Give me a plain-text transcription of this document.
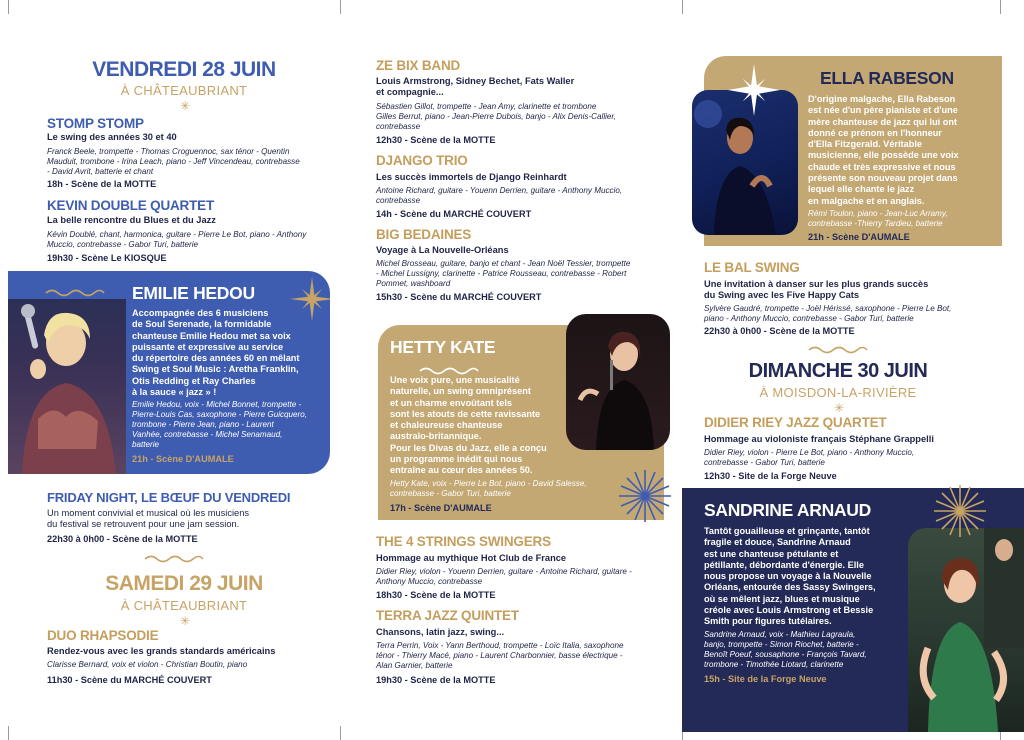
VENDREDI 28 JUIN
À CHÂTEAUBRIANT
✳
STOMP STOMP
Le swing des années 30 et 40
Franck Beele, trompette - Thomas Croguennoc, sax ténor - Quentin
Mauduit, trombone - Irina Leach, piano - Jeff Vincendeau, contrebasse
- David Avrit, batterie et chant
18h - Scène de la MOTTE
KEVIN DOUBLE QUARTET
La belle rencontre du Blues et du Jazz
Kévin Doublé, chant, harmonica, guitare - Pierre Le Bot, piano - Anthony
Muccio, contrebasse - Gabor Turi, batterie
19h30 - Scène Le KIOSQUE
EMILIE HEDOU
Accompagnée des 6 musiciens
de Soul Serenade, la formidable
chanteuse Emilie Hedou met sa voix
puissante et expressive au service
du répertoire des années 60 en mêlant
Swing et Soul Music : Aretha Franklin,
Otis Redding et Ray Charles
à la sauce « jazz » !
Emilie Hedou, voix - Michel Bonnet, trompette -
Pierre-Louis Cas, saxophone - Pierre Guicquero,
trombone - Pierre Jean, piano - Laurent
Vanhée, contrebasse - Michel Senamaud,
batterie
21h - Scène D'AUMALE
FRIDAY NIGHT, LE BŒUF DU VENDREDI
Un moment convivial et musical où les musiciens
du festival se retrouvent pour une jam session.
22h30 à 0h00 - Scène de la MOTTE
SAMEDI 29 JUIN
À CHÂTEAUBRIANT
✳
DUO RHAPSODIE
Rendez-vous avec les grands standards américains
Clarisse Bernard, voix et violon - Christian Boutin, piano
11h30 - Scène du MARCHÉ COUVERT
ZE BIX BAND
Louis Armstrong, Sidney Bechet, Fats Waller
et compagnie...
Sébastien Gillot, trompette - Jean Amy, clarinette et trombone
Gilles Berrut, piano - Jean-Pierre Dubois, banjo - Alix Denis-Callier,
contrebasse
12h30 - Scène de la MOTTE
DJANGO TRIO
Les succès immortels de Django Reinhardt
Antoine Richard, guitare - Youenn Derrien, guitare - Anthony Muccio,
contrebasse
14h - Scène du MARCHÉ COUVERT
BIG BEDAINES
Voyage à La Nouvelle-Orléans
Michel Brosseau, guitare, banjo et chant - Jean Noël Tessier, trompette
- Michel Lussigny, clarinette - Patrice Rousseau, contrebasse - Robert
Pommet, washboard
15h30 - Scène du MARCHÉ COUVERT
HETTY KATE
Une voix pure, une musicalité
naturelle, un swing omniprésent
et un charme envoûtant tels
sont les atouts de cette ravissante
et chaleureuse chanteuse
australo-britannique.
Pour les Divas du Jazz, elle a conçu
un programme inédit qui nous
entraîne au cœur des années 50.
Hetty Kate, voix - Pierre Le Bot, piano - David Salesse,
contrebasse - Gabor Turi, batterie
17h - Scène D'AUMALE
THE 4 STRINGS SWINGERS
Hommage au mythique Hot Club de France
Didier Riey, violon - Youenn Derrien, guitare - Antoine Richard, guitare -
Anthony Muccio, contrebasse
18h30 - Scène de la MOTTE
TERRA JAZZ QUINTET
Chansons, latin jazz, swing...
Terra Perrin, Voix - Yann Berthoud, trompette - Loïc Italia, saxophone
ténor - Thierry Macé, piano - Laurent Charbonnier, basse électrique -
Alan Garnier, batterie
19h30 - Scène de la MOTTE
ELLA RABESON
D'origine malgache, Ella Rabeson
est née d'un père pianiste et d'une
mère chanteuse de jazz qui lui ont
donné ce prénom en l'honneur
d'Ella Fitzgerald. Véritable
musicienne, elle possède une voix
chaude et très expressive et nous
présente son nouveau projet dans
lequel elle chante le jazz
en malgache et en anglais.
Rémi Toulon, piano - Jean-Luc Arramy,
contrebasse -Thierry Tardieu, batterie
21h - Scène D'AUMALE
LE BAL SWING
Une invitation à danser sur les plus grands succès
du Swing avec les Five Happy Cats
Sylvère Gaudré, trompette - Joël Hérissé, saxophone - Pierre Le Bot,
piano - Anthony Muccio, contrebasse - Gabor Turi, batterie
22h30 à 0h00 - Scène de la MOTTE
DIMANCHE 30 JUIN
À MOISDON-LA-RIVIÈRE
✳
DIDIER RIEY JAZZ QUARTET
Hommage au violoniste français Stéphane Grappelli
Didier Riey, violon - Pierre Le Bot, piano - Anthony Muccio,
contrebasse - Gabor Turi, batterie
12h30 - Site de la Forge Neuve
SANDRINE ARNAUD
Tantôt gouailleuse et grinçante, tantôt
fragile et douce, Sandrine Arnaud
est une chanteuse pétulante et
pétillante, débordante d'énergie. Elle
nous propose un voyage à la Nouvelle
Orléans, entourée des Sassy Swingers,
où se mêlent jazz, blues et musique
créole avec Louis Armstrong et Bessie
Smith pour figures tutélaires.
Sandrine Arnaud, voix - Mathieu Lagraula,
banjo, trompette - Simon Riochet, batterie -
Benoît Poeuf, sousaphone - François Tavard,
trombone - Timothée Liotard, clarinette
15h - Site de la Forge Neuve
